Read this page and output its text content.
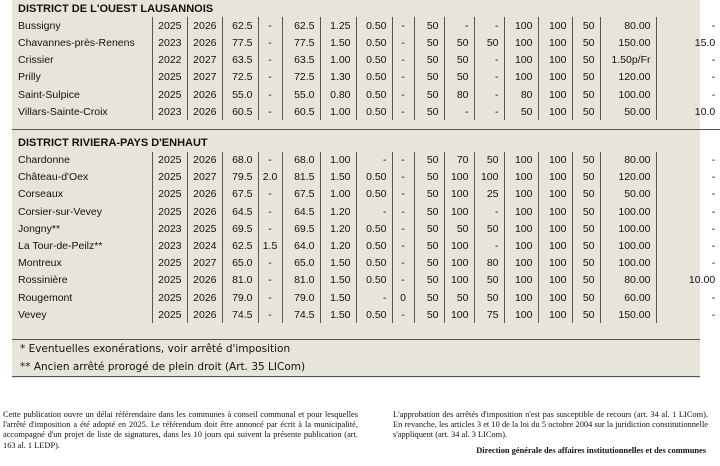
DISTRICT DE L'OUEST LAUSANNOIS																
Bussigny	2025	2026	62.5	-	62.5	1.25	0.50	-	50	-	-	100	100	50	80.00	-
Chavannes-près-Renens	2023	2026	77.5	-	77.5	1.50	0.50	-	50	50	50	100	100	50	150.00	15.0
Crissier	2022	2027	63.5	-	63.5	1.00	0.50	-	50	50	-	100	100	50	1.50p/Fr	-
Prilly	2025	2027	72.5	-	72.5	1.30	0.50	-	50	50	-	100	100	50	120.00	-
Saint-Sulpice	2025	2026	55.0	-	55.0	0.80	0.50	-	50	80	-	80	100	50	100.00	-
Villars-Sainte-Croix	2023	2026	60.5	-	60.5	1.00	0.50	-	50	-	-	50	100	50	50.00	10.0

DISTRICT RIVIERA-PAYS D'ENHAUT																
Chardonne	2025	2026	68.0	-	68.0	1.00	-	-	50	70	50	100	100	50	80.00	-
Château-d'Oex	2025	2027	79.5	2.0	81.5	1.50	0.50	-	50	100	100	100	100	50	120.00	-
Corseaux	2025	2026	67.5	-	67.5	1.00	0.50	-	50	100	25	100	100	50	50.00	-
Corsier-sur-Vevey	2025	2026	64.5	-	64.5	1.20	-	-	50	100	-	100	100	50	100.00	-
Jongny**	2023	2025	69.5	-	69.5	1.20	0.50	-	50	50	50	100	100	50	100.00	-
La Tour-de-Peilz**	2023	2024	62.5	1.5	64.0	1.20	0.50	-	50	100	-	100	100	50	100.00	-
Montreux	2025	2027	65.0	-	65.0	1.50	0.50	-	50	100	80	100	100	50	100.00	-
Rossinière	2025	2026	81.0	-	81.0	1.50	0.50	-	50	100	50	100	100	50	80.00	10.00
Rougemont	2025	2026	79.0	-	79.0	1.50	-	0	50	50	50	100	100	50	60.00	-
Vevey	2025	2026	74.5	-	74.5	1.50	0.50	-	50	100	75	100	100	50	150.00	-
* Eventuelles exonérations, voir arrêté d'imposition
** Ancien arrêté prorogé de plein droit (Art. 35 LICom)
Cette publication ouvre un délai référendaire dans les communes à conseil communal et pour lesquelles l'arrêté d'imposition a été adopté en 2025. Le référendum doit être annoncé par écrit à la municipalité, accompagné d'un projet de liste de signatures, dans les 10 jours qui suivent la présente publication (art. 163 al. 1 LEDP).
L'approbation des arrêtés d'imposition n'est pas susceptible de recours (art. 34 al. 1 LICom). En revanche, les articles 3 et 10 de la loi du 5 octobre 2004 sur la juridiction constitutionnelle s'appliquent (art. 34 al. 3 LICom).
Direction générale des affaires institutionnelles et des communes
